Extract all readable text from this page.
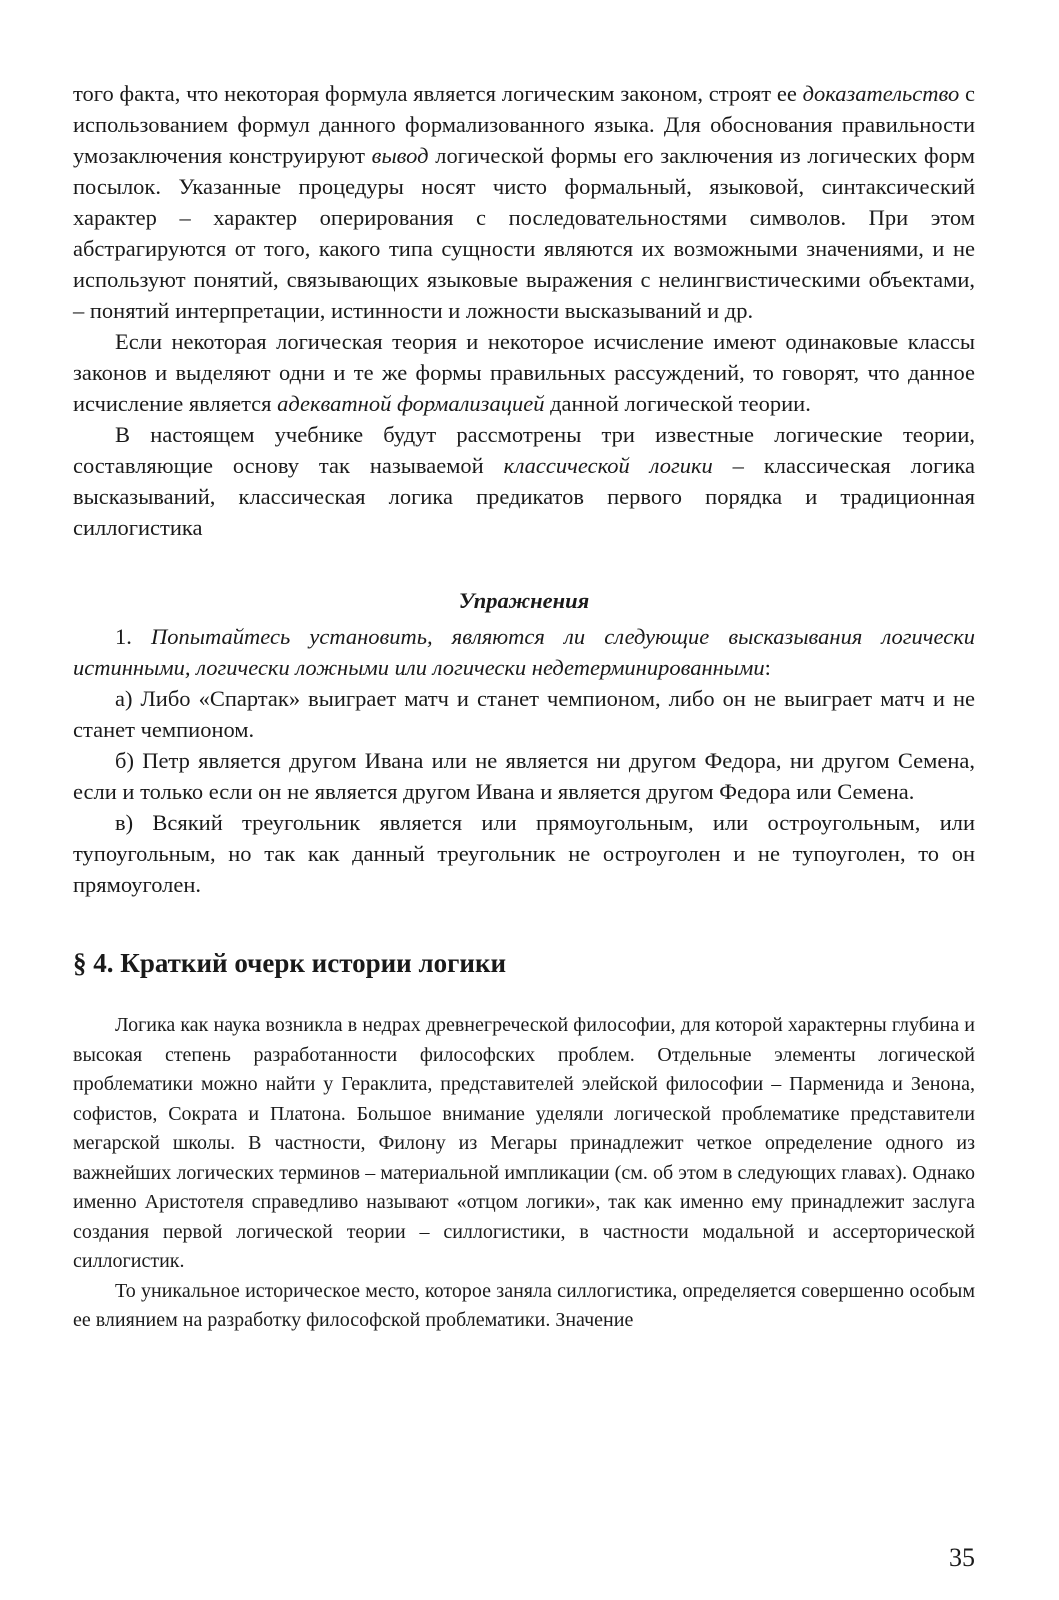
того факта, что некоторая формула является логическим законом, строят ее доказательство с использованием формул данного формализованного языка. Для обоснования правильности умозаключения конструируют вывод логической формы его заключения из логических форм посылок. Указанные процедуры носят чисто формальный, языковой, синтаксический характер – характер оперирования с последовательностями символов. При этом абстрагируются от того, какого типа сущности являются их возможными значениями, и не используют понятий, связывающих языковые выражения с нелингвистическими объектами, – понятий интерпретации, истинности и ложности высказываний и др.

Если некоторая логическая теория и некоторое исчисление имеют одинаковые классы законов и выделяют одни и те же формы правильных рассуждений, то говорят, что данное исчисление является адекватной формализацией данной логической теории.

В настоящем учебнике будут рассмотрены три известные логические теории, составляющие основу так называемой классической логики – классическая логика высказываний, классическая логика предикатов первого порядка и традиционная силлогистика

Упражнения

1. Попытайтесь установить, являются ли следующие высказывания логически истинными, логически ложными или логически недетерминированными:

а) Либо «Спартак» выиграет матч и станет чемпионом, либо он не выиграет матч и не станет чемпионом.

б) Петр является другом Ивана или не является ни другом Федора, ни другом Семена, если и только если он не является другом Ивана и является другом Федора или Семена.

в) Всякий треугольник является или прямоугольным, или остроугольным, или тупоугольным, но так как данный треугольник не остроуголен и не тупоуголен, то он прямоуголен.

§ 4. Краткий очерк истории логики

Логика как наука возникла в недрах древнегреческой философии, для которой характерны глубина и высокая степень разработанности философских проблем. Отдельные элементы логической проблематики можно найти у Гераклита, представителей элейской философии – Парменида и Зенона, софистов, Сократа и Платона. Большое внимание уделяли логической проблематике представители мегарской школы. В частности, Филону из Мегары принадлежит четкое определение одного из важнейших логических терминов – материальной импликации (см. об этом в следующих главах). Однако именно Аристотеля справедливо называют «отцом логики», так как именно ему принадлежит заслуга создания первой логической теории – силлогистики, в частности модальной и ассерторической силлогистик.

То уникальное историческое место, которое заняла силлогистика, определяется совершенно особым ее влиянием на разработку философской проблематики. Значение

35
